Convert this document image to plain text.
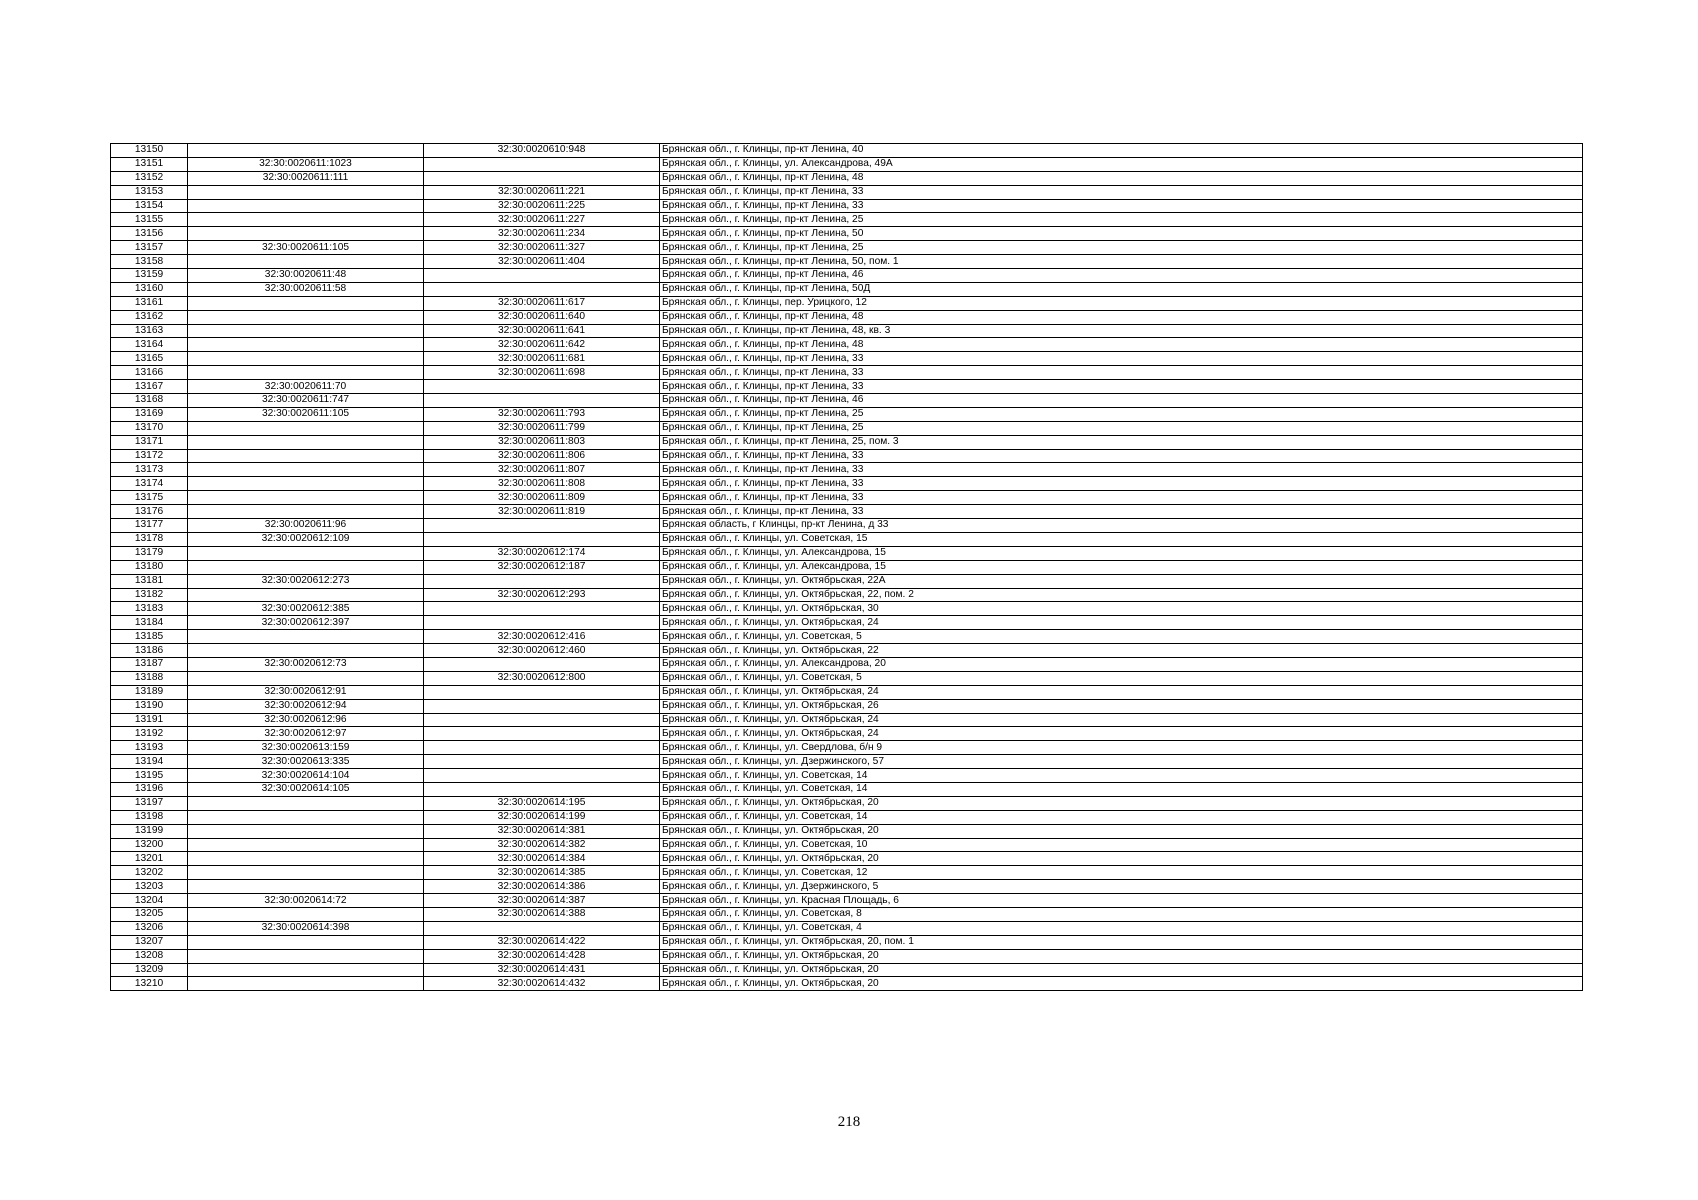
13150		32:30:0020610:948	Брянская обл., г. Клинцы, пр-кт Ленина, 40
13151	32:30:0020611:1023		Брянская обл., г. Клинцы, ул. Александрова, 49А
13152	32:30:0020611:111		Брянская обл., г. Клинцы, пр-кт Ленина, 48
13153		32:30:0020611:221	Брянская обл., г. Клинцы, пр-кт Ленина, 33
13154		32:30:0020611:225	Брянская обл., г. Клинцы, пр-кт Ленина, 33
13155		32:30:0020611:227	Брянская обл., г. Клинцы, пр-кт Ленина, 25
13156		32:30:0020611:234	Брянская обл., г. Клинцы, пр-кт Ленина, 50
13157	32:30:0020611:105	32:30:0020611:327	Брянская обл., г. Клинцы, пр-кт Ленина, 25
13158		32:30:0020611:404	Брянская обл., г. Клинцы, пр-кт Ленина, 50, пом. 1
13159	32:30:0020611:48		Брянская обл., г. Клинцы, пр-кт Ленина, 46
13160	32:30:0020611:58		Брянская обл., г. Клинцы, пр-кт Ленина, 50Д
13161		32:30:0020611:617	Брянская обл., г. Клинцы, пер. Урицкого, 12
13162		32:30:0020611:640	Брянская обл., г. Клинцы, пр-кт Ленина, 48
13163		32:30:0020611:641	Брянская обл., г. Клинцы, пр-кт Ленина, 48, кв. 3
13164		32:30:0020611:642	Брянская обл., г. Клинцы, пр-кт Ленина, 48
13165		32:30:0020611:681	Брянская обл., г. Клинцы, пр-кт Ленина, 33
13166		32:30:0020611:698	Брянская обл., г. Клинцы, пр-кт Ленина, 33
13167	32:30:0020611:70		Брянская обл., г. Клинцы, пр-кт Ленина, 33
13168	32:30:0020611:747		Брянская обл., г. Клинцы, пр-кт Ленина, 46
13169	32:30:0020611:105	32:30:0020611:793	Брянская обл., г. Клинцы, пр-кт Ленина, 25
13170		32:30:0020611:799	Брянская обл., г. Клинцы, пр-кт Ленина, 25
13171		32:30:0020611:803	Брянская обл., г. Клинцы, пр-кт Ленина, 25, пом. 3
13172		32:30:0020611:806	Брянская обл., г. Клинцы, пр-кт Ленина, 33
13173		32:30:0020611:807	Брянская обл., г. Клинцы, пр-кт Ленина, 33
13174		32:30:0020611:808	Брянская обл., г. Клинцы, пр-кт Ленина, 33
13175		32:30:0020611:809	Брянская обл., г. Клинцы, пр-кт Ленина, 33
13176		32:30:0020611:819	Брянская обл., г. Клинцы, пр-кт Ленина, 33
13177	32:30:0020611:96		Брянская область, г Клинцы, пр-кт Ленина, д 33
13178	32:30:0020612:109		Брянская обл., г. Клинцы, ул. Советская, 15
13179		32:30:0020612:174	Брянская обл., г. Клинцы, ул. Александрова, 15
13180		32:30:0020612:187	Брянская обл., г. Клинцы, ул. Александрова, 15
13181	32:30:0020612:273		Брянская обл., г. Клинцы, ул. Октябрьская, 22А
13182		32:30:0020612:293	Брянская обл., г. Клинцы, ул. Октябрьская, 22, пом. 2
13183	32:30:0020612:385		Брянская обл., г. Клинцы, ул. Октябрьская, 30
13184	32:30:0020612:397		Брянская обл., г. Клинцы, ул. Октябрьская, 24
13185		32:30:0020612:416	Брянская обл., г. Клинцы, ул. Советская, 5
13186		32:30:0020612:460	Брянская обл., г. Клинцы, ул. Октябрьская, 22
13187	32:30:0020612:73		Брянская обл., г. Клинцы, ул. Александрова, 20
13188		32:30:0020612:800	Брянская обл., г. Клинцы, ул. Советская, 5
13189	32:30:0020612:91		Брянская обл., г. Клинцы, ул. Октябрьская, 24
13190	32:30:0020612:94		Брянская обл., г. Клинцы, ул. Октябрьская, 26
13191	32:30:0020612:96		Брянская обл., г. Клинцы, ул. Октябрьская, 24
13192	32:30:0020612:97		Брянская обл., г. Клинцы, ул. Октябрьская, 24
13193	32:30:0020613:159		Брянская обл., г. Клинцы, ул. Свердлова, б/н 9
13194	32:30:0020613:335		Брянская обл., г. Клинцы, ул. Дзержинского, 57
13195	32:30:0020614:104		Брянская обл., г. Клинцы, ул. Советская, 14
13196	32:30:0020614:105		Брянская обл., г. Клинцы, ул. Советская, 14
13197		32:30:0020614:195	Брянская обл., г. Клинцы, ул. Октябрьская, 20
13198		32:30:0020614:199	Брянская обл., г. Клинцы, ул. Советская, 14
13199		32:30:0020614:381	Брянская обл., г. Клинцы, ул. Октябрьская, 20
13200		32:30:0020614:382	Брянская обл., г. Клинцы, ул. Советская, 10
13201		32:30:0020614:384	Брянская обл., г. Клинцы, ул. Октябрьская, 20
13202		32:30:0020614:385	Брянская обл., г. Клинцы, ул. Советская, 12
13203		32:30:0020614:386	Брянская обл., г. Клинцы, ул. Дзержинского, 5
13204	32:30:0020614:72	32:30:0020614:387	Брянская обл., г. Клинцы, ул. Красная Площадь, 6
13205		32:30:0020614:388	Брянская обл., г. Клинцы, ул. Советская, 8
13206	32:30:0020614:398		Брянская обл., г. Клинцы, ул. Советская, 4
13207		32:30:0020614:422	Брянская обл., г. Клинцы, ул. Октябрьская, 20, пом. 1
13208		32:30:0020614:428	Брянская обл., г. Клинцы, ул. Октябрьская, 20
13209		32:30:0020614:431	Брянская обл., г. Клинцы, ул. Октябрьская, 20
13210		32:30:0020614:432	Брянская обл., г. Клинцы, ул. Октябрьская, 20
218
